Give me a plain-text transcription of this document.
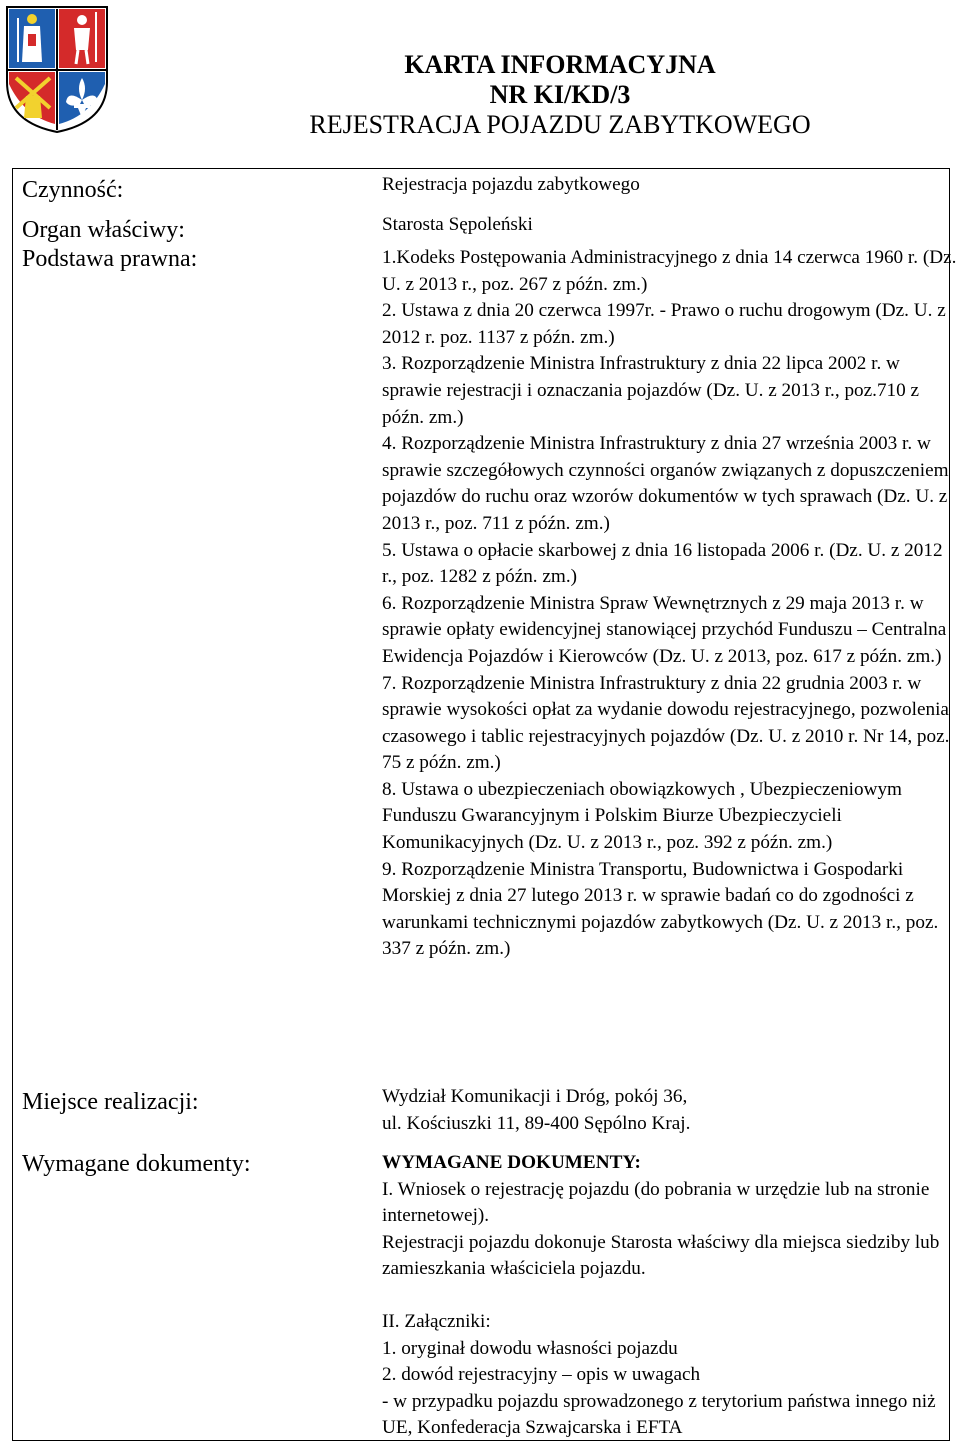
KARTA INFORMACYJNA
NR KI/KD/3
REJESTRACJA POJAZDU ZABYTKOWEGO
Czynność:	Rejestracja pojazdu zabytkowego
Organ właściwy:	Starosta Sępoleński
Podstawa prawna:	1.Kodeks Postępowania Administracyjnego z dnia 14 czerwca 1960 r. (Dz. U. z 2013 r., poz. 267 z późn. zm.)

2. Ustawa z dnia 20 czerwca 1997r. - Prawo o ruchu drogowym (Dz. U. z 2012 r. poz. 1137 z późn. zm.)

3. Rozporządzenie Ministra Infrastruktury z dnia 22 lipca 2002 r. w sprawie rejestracji i oznaczania pojazdów (Dz. U. z 2013 r., poz.710 z późn. zm.)

4. Rozporządzenie Ministra Infrastruktury z dnia 27 września 2003 r. w sprawie szczegółowych czynności organów związanych z dopuszczeniem pojazdów do ruchu oraz wzorów dokumentów w tych sprawach (Dz. U. z 2013 r., poz. 711 z późn. zm.)

5. Ustawa o opłacie skarbowej z dnia 16 listopada 2006 r. (Dz. U. z 2012 r., poz. 1282 z późn. zm.)

6. Rozporządzenie Ministra Spraw Wewnętrznych z 29 maja 2013 r. w sprawie opłaty ewidencyjnej stanowiącej przychód Funduszu – Centralna Ewidencja Pojazdów i Kierowców (Dz. U. z 2013, poz. 617 z późn. zm.)

7. Rozporządzenie Ministra Infrastruktury z dnia 22 grudnia 2003 r. w sprawie wysokości opłat za wydanie dowodu rejestracyjnego, pozwolenia czasowego i tablic rejestracyjnych pojazdów (Dz. U. z 2010 r. Nr 14, poz. 75 z późn. zm.)

8. Ustawa o ubezpieczeniach obowiązkowych , Ubezpieczeniowym Funduszu Gwarancyjnym i Polskim Biurze Ubezpieczycieli Komunikacyjnych (Dz. U. z 2013 r., poz. 392 z późn. zm.)

9. Rozporządzenie Ministra Transportu, Budownictwa i Gospodarki Morskiej z dnia 27 lutego 2013 r. w sprawie badań co do zgodności z warunkami technicznymi pojazdów zabytkowych (Dz. U. z 2013 r., poz. 337 z późn. zm.)

Miejsce realizacji:	Wydział Komunikacji i Dróg, pokój 36,

ul. Kościuszki 11, 89-400 Sępólno Kraj.

Wymagane dokumenty:	WYMAGANE DOKUMENTY:

I. Wniosek o rejestrację pojazdu (do pobrania w urzędzie lub na stronie internetowej).

Rejestracji pojazdu dokonuje Starosta właściwy dla miejsca siedziby lub zamieszkania właściciela pojazdu.

II. Załączniki:

1. oryginał dowodu własności pojazdu

2. dowód rejestracyjny – opis w uwagach

- w przypadku pojazdu sprowadzonego z terytorium państwa innego niż UE, Konfederacja Szwajcarska i EFTA
